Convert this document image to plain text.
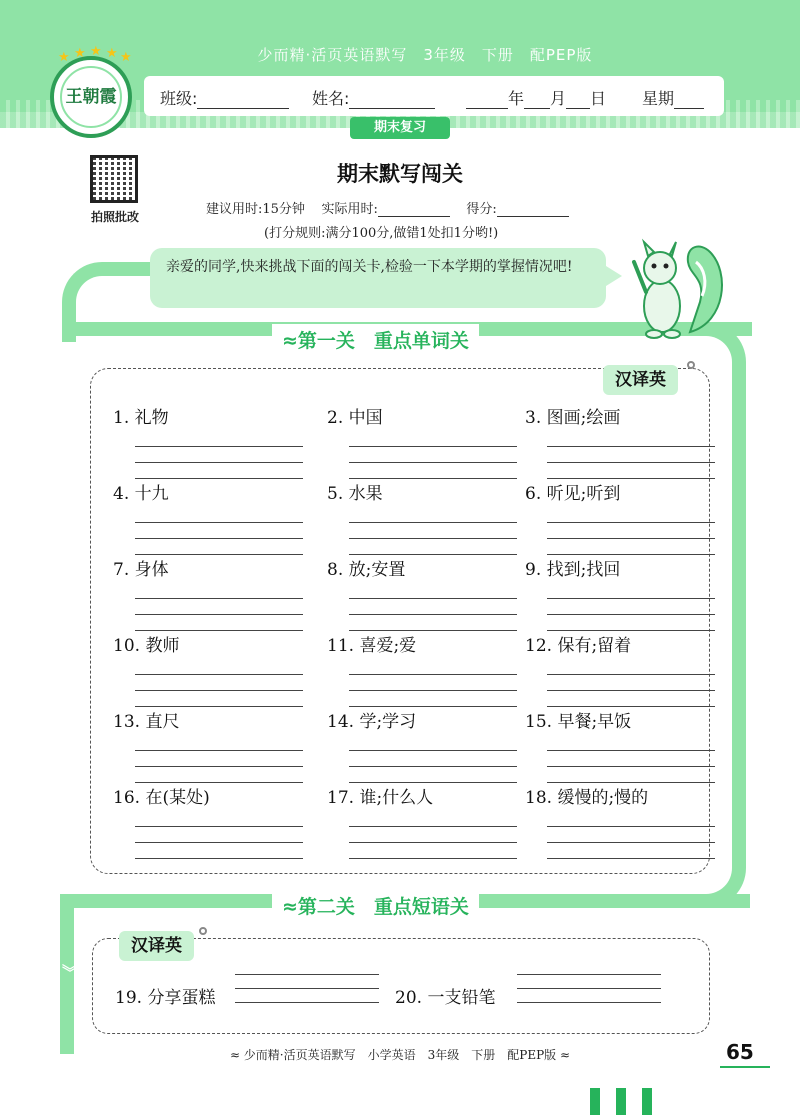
少而精·活页英语默写　3年级　下册　配PEP版
班级:	姓名:	年 月 日 星期
★ ★ ★ ★ ★
王朝霞
期末复习
拍照批改
期末默写闯关
建议用时:15分钟 实际用时:	得分:
(打分规则:满分100分,做错1处扣1分哟!)
︾
︾
亲爱的同学,快来挑战下面的闯关卡,检验一下本学期的掌握情况吧!
≈第一关　重点单词关
汉译英
1. 礼物	2. 中国	3. 图画;绘画
4. 十九	5. 水果	6. 听见;听到
7. 身体	8. 放;安置	9. 找到;找回
10. 教师	11. 喜爱;爱	12. 保有;留着
13. 直尺	14. 学;学习	15. 早餐;早饭
16. 在(某处)	17. 谁;什么人	18. 缓慢的;慢的
≈第二关　重点短语关
汉译英
19. 分享蛋糕	20. 一支铅笔
≈ 少而精·活页英语默写　小学英语　3年级　下册　配PEP版 ≈	65
